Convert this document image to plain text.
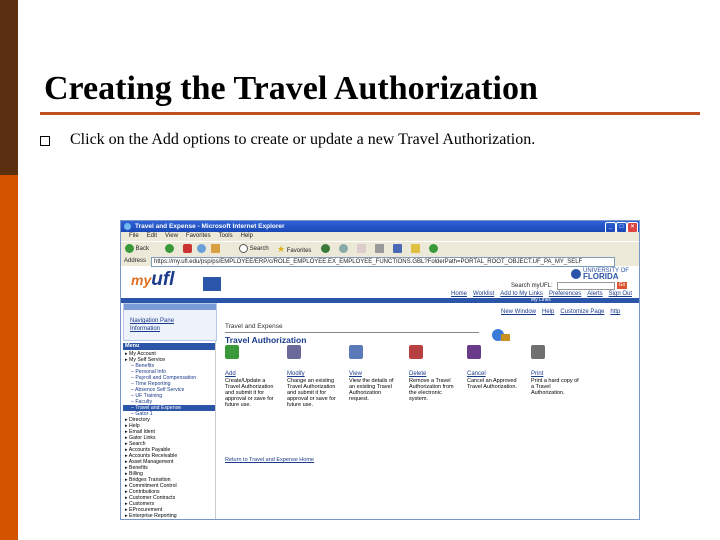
Creating the Travel Authorization
Click on the Add options to create or update a new Travel Authorization.
Travel and Expense - Microsoft Internet Explorer	_	□	×
File Edit View Favorites Tools Help
Back	Search ★ Favorites
Address	https://my.ufl.edu/psp/ps/EMPLOYEE/ERP/c/ROLE_EMPLOYEE.EX_EMPLOYEE_FUNCTIONS.GBL?FolderPath=PORTAL_ROOT_OBJECT.UF_PA_MY_SELF
myufl	UNIVERSITY OF
FLORIDA
Search myUFL:	Go
Home Worklist Add to My Links Preferences Alerts Sign Out
My Links
New Window Help Customize Page http
Navigation Pane
Information
Menu
▸ My Account
▸ My Self Service
– Benefits
– Personal Info
– Payroll and Compensation
– Time Reporting
– Absence Self Service
– UF Training
– Faculty
– Travel and Expense
– Gator 1
▸ Directory
▸ Help
▸ Email Ident
▸ Gator Links
▸ Search
▸ Accounts Payable
▸ Accounts Receivable
▸ Asset Management
▸ Benefits
▸ Billing
▸ Bridges Transition
▸ Commitment Control
▸ Contributions
▸ Customer Contracts
▸ Customers
▸ EProcurement
▸ Enterprise Reporting
Travel and Expense
Travel Authorization
Add
Create/Update a Travel Authorization and submit it for approval or save for future use.
Modify
Change an existing Travel Authorization and submit it for approval or save for future use.
View
View the details of an existing Travel Authorization request.
Delete
Remove a Travel Authorization from the electronic system.
Cancel
Cancel an Approved Travel Authorization.
Print
Print a hard copy of a Travel Authorization.
Return to Travel and Expense Home
